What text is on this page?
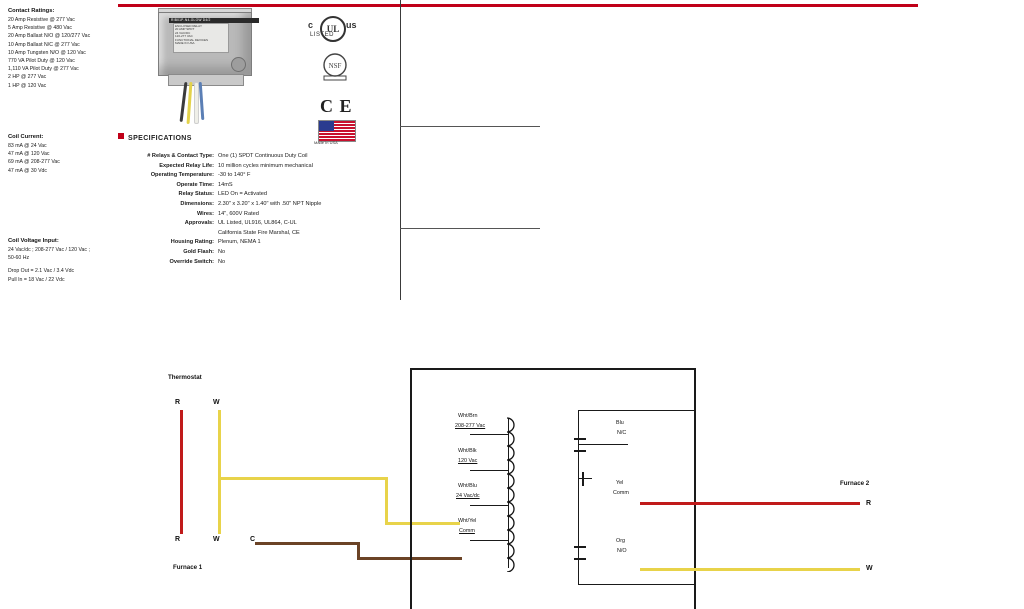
RIB01P-N4-GLOW D4/2
ENCLOSED RELAY
20 AMP SPDT
24 VAC/DC
120-277 VAC
FUNCTIONAL DEVICES
MADE IN USA
c	UL us
LISTED
NSF
C E
Made In USA
SPECIFICATIONS
# Relays & Contact Type: One (1) SPDT Continuous Duty Coil
Expected Relay Life: 10 million cycles minimum mechanical
Operating Temperature: -30 to 140° F
Operate Time: 14mS
Relay Status: LED On = Activated
Dimensions: 2.30" x 3.20" x 1.40" with .50" NPT Nipple
Wires: 14", 600V Rated
Approvals: UL Listed, UL916, UL864, C-UL
California State Fire Marshal, CE
Housing Rating: Plenum, NEMA 1
Gold Flash: No
Override Switch: No
Contact Ratings:
20 Amp Resistive @ 277 Vac
5 Amp Resistive @ 480 Vac
20 Amp Ballast N/O @ 120/277 Vac
10 Amp Ballast N/C @ 277 Vac
10 Amp Tungsten N/O @ 120 Vac
770 VA Pilot Duty @ 120 Vac
1,110 VA Pilot Duty @ 277 Vac
2 HP @ 277 Vac
1 HP @ 120 Vac
Coil Current:
83 mA @ 24 Vac
47 mA @ 120 Vac
69 mA @ 208-277 Vac
47 mA @ 30 Vdc
Coil Voltage Input:
24 Vac/dc ; 208-277 Vac / 120 Vac ;
50-60 Hz
Drop Out = 2.1 Vac / 3.4 Vdc
Pull In = 18 Vac / 22 Vdc
Thermostat
R	W
R	W	C
Furnace 1
Furnace 2
R
W
Wht/Brn
208-277 Vac
Wht/Blk
120 Vac
Wht/Blu
24 Vac/dc
Wht/Yel
Comm
Blu
N/C
Yel
Comm
Org
N/O
